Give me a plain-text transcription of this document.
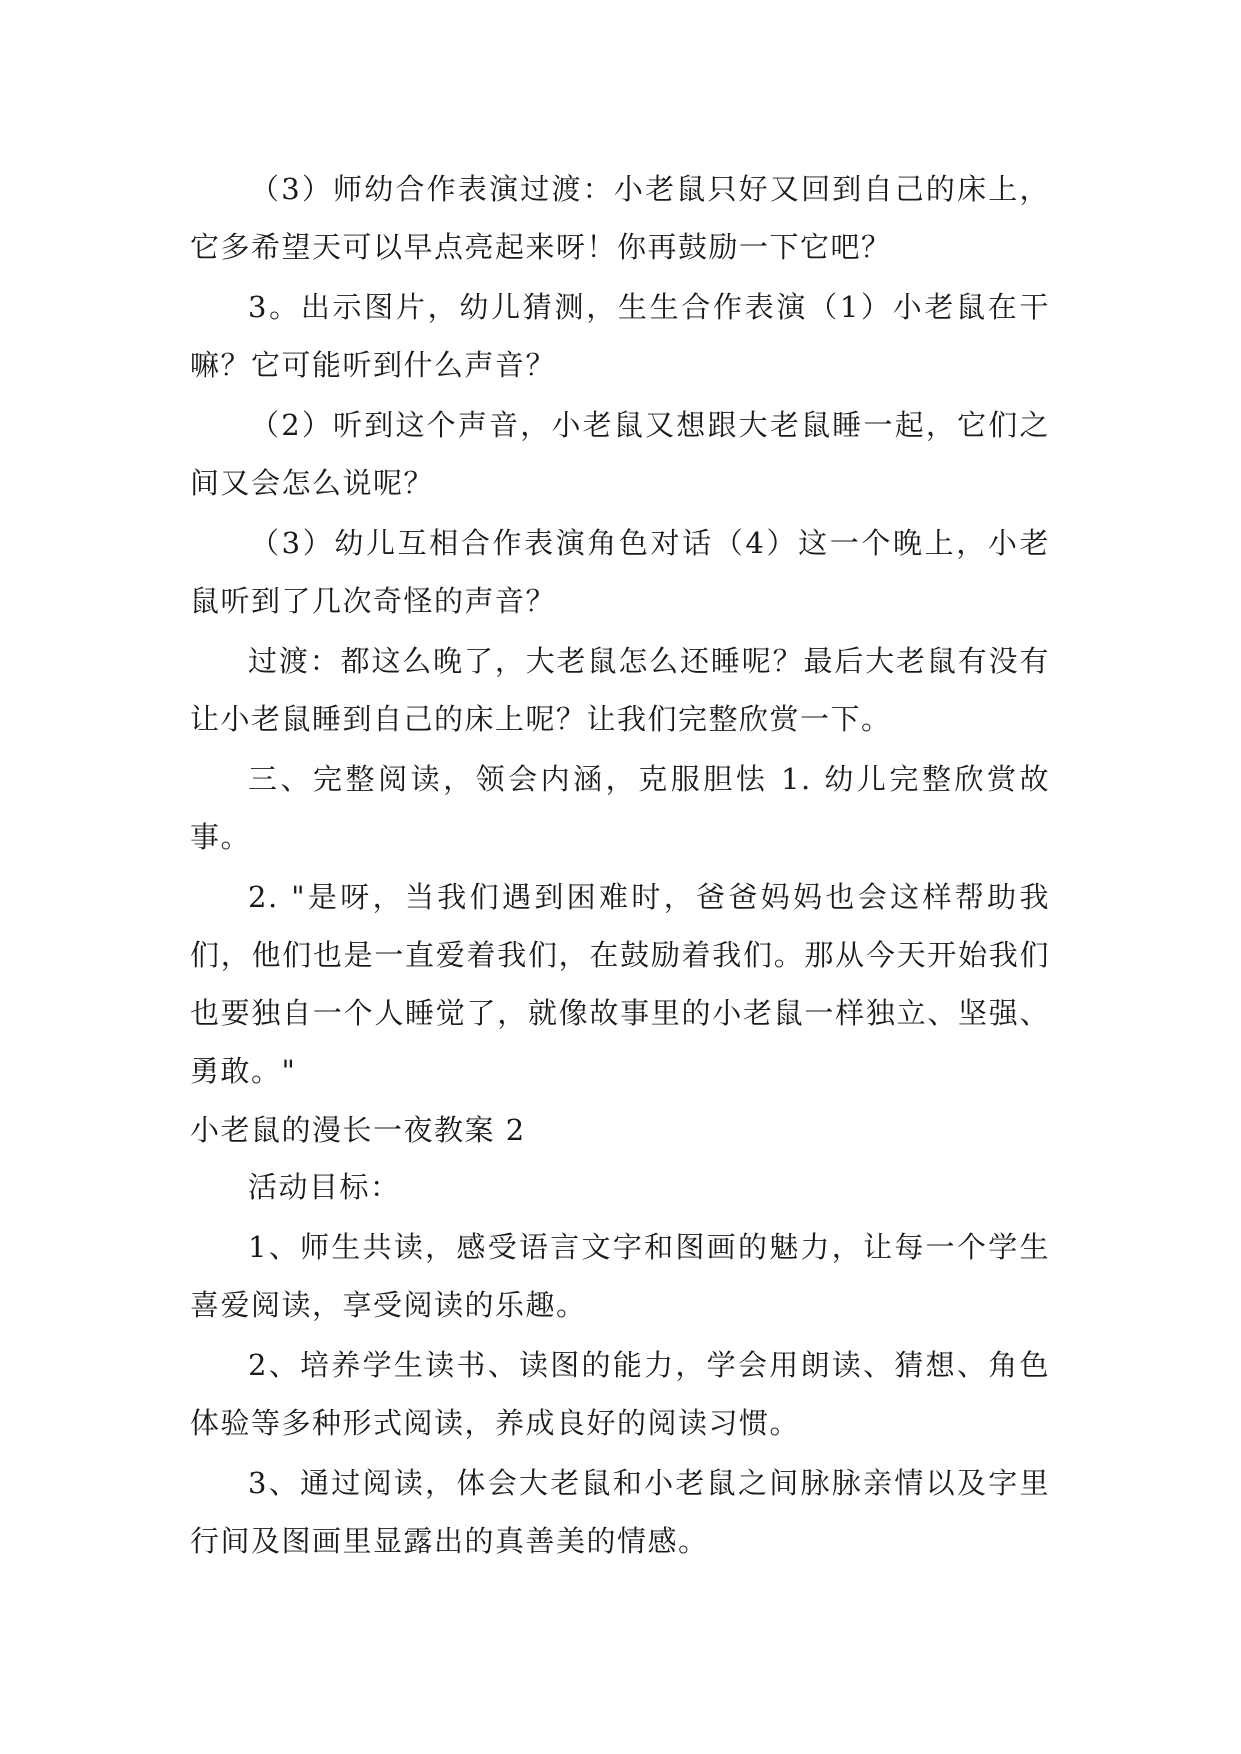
（3）师幼合作表演过渡：小老鼠只好又回到自己的床上，它多希望天可以早点亮起来呀！你再鼓励一下它吧？

3。出示图片，幼儿猜测，生生合作表演（1）小老鼠在干嘛？它可能听到什么声音？

（2）听到这个声音，小老鼠又想跟大老鼠睡一起，它们之间又会怎么说呢？

（3）幼儿互相合作表演角色对话（4）这一个晚上，小老鼠听到了几次奇怪的声音？

过渡：都这么晚了，大老鼠怎么还睡呢？最后大老鼠有没有让小老鼠睡到自己的床上呢？让我们完整欣赏一下。

三、完整阅读，领会内涵，克服胆怯 1. 幼儿完整欣赏故事。

2. "是呀，当我们遇到困难时，爸爸妈妈也会这样帮助我们，他们也是一直爱着我们，在鼓励着我们。那从今天开始我们也要独自一个人睡觉了，就像故事里的小老鼠一样独立、坚强、勇敢。"

小老鼠的漫长一夜教案 2

活动目标：

1、师生共读，感受语言文字和图画的魅力，让每一个学生喜爱阅读，享受阅读的乐趣。

2、培养学生读书、读图的能力，学会用朗读、猜想、角色体验等多种形式阅读，养成良好的阅读习惯。

3、通过阅读，体会大老鼠和小老鼠之间脉脉亲情以及字里行间及图画里显露出的真善美的情感。
